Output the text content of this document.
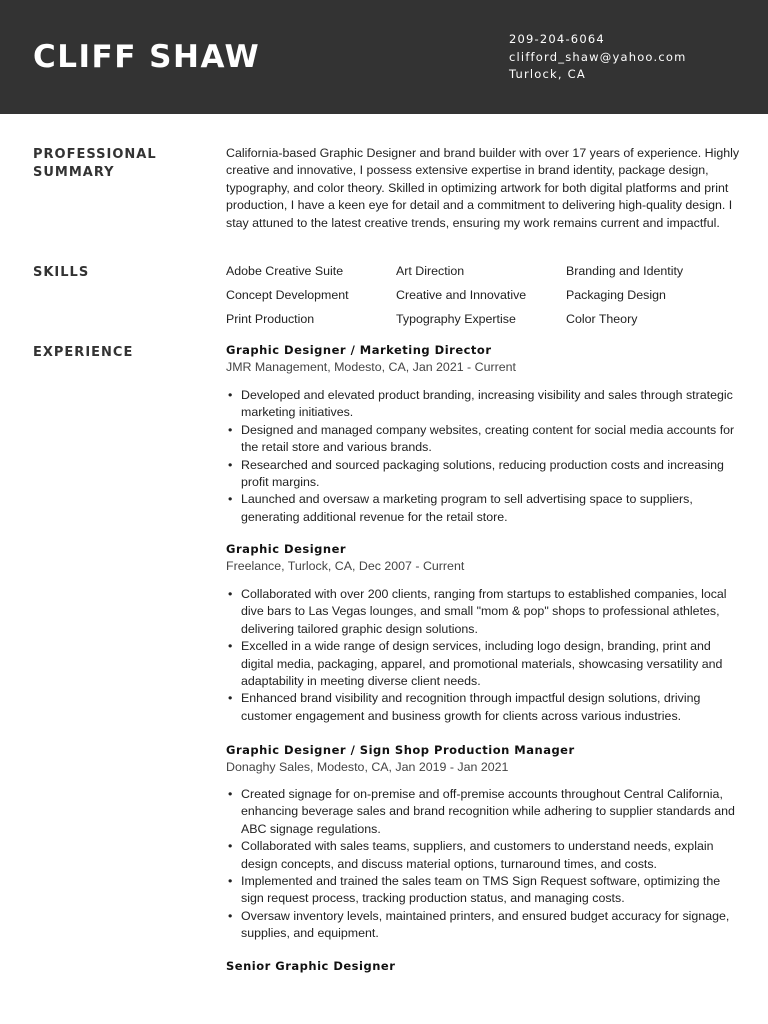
CLIFF SHAW	209-204-6064
clifford_shaw@yahoo.com
Turlock, CA
PROFESSIONAL
SUMMARY

California-based Graphic Designer and brand builder with over 17 years of experience. Highly creative and innovative, I possess extensive expertise in brand identity, package design, typography, and color theory. Skilled in optimizing artwork for both digital platforms and print production, I have a keen eye for detail and a commitment to delivering high-quality design. I stay attuned to the latest creative trends, ensuring my work remains current and impactful.

SKILLS	Adobe Creative Suite	Art Direction	Branding and Identity
Concept Development	Creative and Innovative	Packaging Design
Print Production	Typography Expertise	Color Theory
EXPERIENCE	Graphic Designer / Marketing Director
JMR Management, Modesto, CA, Jan 2021 - Current
• Developed and elevated product branding, increasing visibility and sales through strategic marketing initiatives.
• Designed and managed company websites, creating content for social media accounts for the retail store and various brands.
• Researched and sourced packaging solutions, reducing production costs and increasing profit margins.
• Launched and oversaw a marketing program to sell advertising space to suppliers, generating additional revenue for the retail store.
Graphic Designer
Freelance, Turlock, CA, Dec 2007 - Current
• Collaborated with over 200 clients, ranging from startups to established companies, local dive bars to Las Vegas lounges, and small "mom & pop" shops to professional athletes, delivering tailored graphic design solutions.
• Excelled in a wide range of design services, including logo design, branding, print and digital media, packaging, apparel, and promotional materials, showcasing versatility and adaptability in meeting diverse client needs.
• Enhanced brand visibility and recognition through impactful design solutions, driving customer engagement and business growth for clients across various industries.
Graphic Designer / Sign Shop Production Manager
Donaghy Sales, Modesto, CA, Jan 2019 - Jan 2021
• Created signage for on-premise and off-premise accounts throughout Central California, enhancing beverage sales and brand recognition while adhering to supplier standards and ABC signage regulations.
• Collaborated with sales teams, suppliers, and customers to understand needs, explain design concepts, and discuss material options, turnaround times, and costs.
• Implemented and trained the sales team on TMS Sign Request software, optimizing the sign request process, tracking production status, and managing costs.
• Oversaw inventory levels, maintained printers, and ensured budget accuracy for signage, supplies, and equipment.
Senior Graphic Designer
